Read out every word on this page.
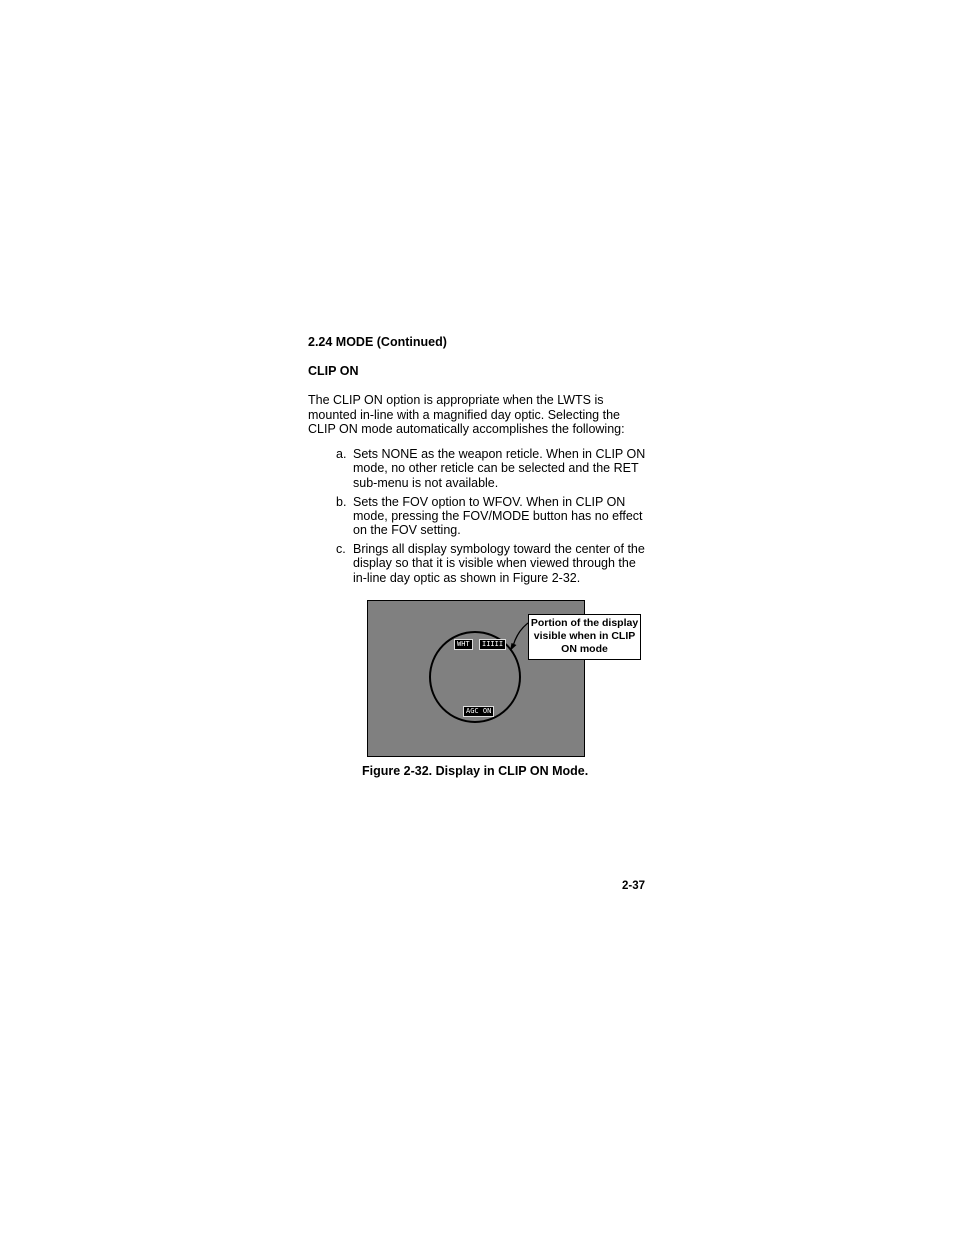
2.24 MODE (Continued)
CLIP ON

The CLIP ON option is appropriate when the LWTS is mounted in-line with a magnified day optic. Selecting the CLIP ON mode automatically accomplishes the following:

a. Sets NONE as the weapon reticle. When in CLIP ON mode, no other reticle can be selected and the RET sub-menu is not available.
b. Sets the FOV option to WFOV. When in CLIP ON mode, pressing the FOV/MODE button has no effect on the FOV setting.
c. Brings all display symbology toward the center of the display so that it is visible when viewed through the in-line day optic as shown in Figure 2-32.
WHT	IIIII
AGC ON
Portion of the display visible when in CLIP ON mode

Figure 2-32. Display in CLIP ON Mode.

2-37
